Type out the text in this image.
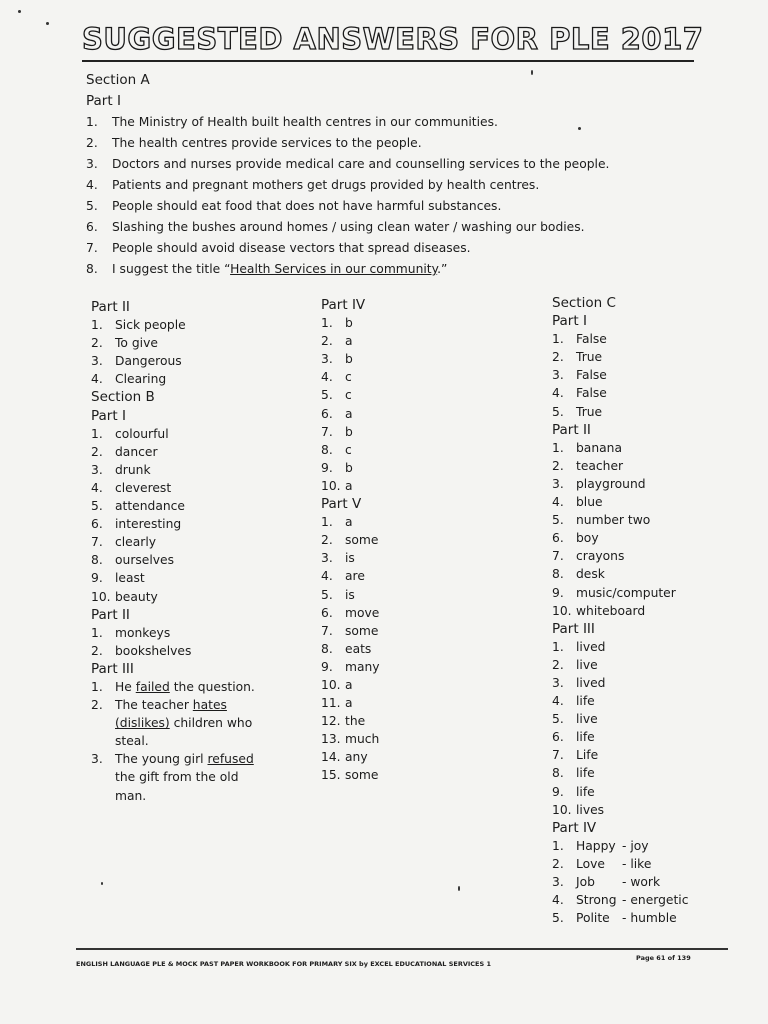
SUGGESTED ANSWERS FOR PLE 2017
Section A
Part I
1.	The Ministry of Health built health centres in our communities.
2.	The health centres provide services to the people.
3.	Doctors and nurses provide medical care and counselling services to the people.
4.	Patients and pregnant mothers get drugs provided by health centres.
5.	People should eat food that does not have harmful substances.
6.	Slashing the bushes around homes / using clean water / washing our bodies.
7.	People should avoid disease vectors that spread diseases.
8.	I suggest the title “Health Services in our community.”
Part II
1. Sick people
2. To give
3. Dangerous
4. Clearing
Section B
Part I
1. colourful
2. dancer
3. drunk
4. cleverest
5. attendance
6. interesting
7. clearly
8. ourselves
9. least
10. beauty
Part II
1. monkeys
2. bookshelves
Part III
1. He failed the question.
2. The teacher hates (dislikes) children who steal.
3. The young girl refused the gift from the old man.
Part IV
1. b
2. a
3. b
4. c
5. c
6. a
7. b
8. c
9. b
10. a
Part V
1. a
2. some
3. is
4. are
5. is
6. move
7. some
8. eats
9. many
10. a
11. a
12. the
13. much
14. any
15. some
Section C
Part I
1. False
2. True
3. False
4. False
5. True
Part II
1. banana
2. teacher
3. playground
4. blue
5. number two
6. boy
7. crayons
8. desk
9. music/computer
10. whiteboard
Part III
1. lived
2. live
3. lived
4. life
5. live
6. life
7. Life
8. life
9. life
10. lives
Part IV
1. Happy - joy
2. Love	- like
3. Job	- work
4. Strong - energetic
5. Polite - humble
ENGLISH LANGUAGE PLE & MOCK PAST PAPER WORKBOOK FOR PRIMARY SIX by EXCEL EDUCATIONAL SERVICES 1
Page 61 of 139
